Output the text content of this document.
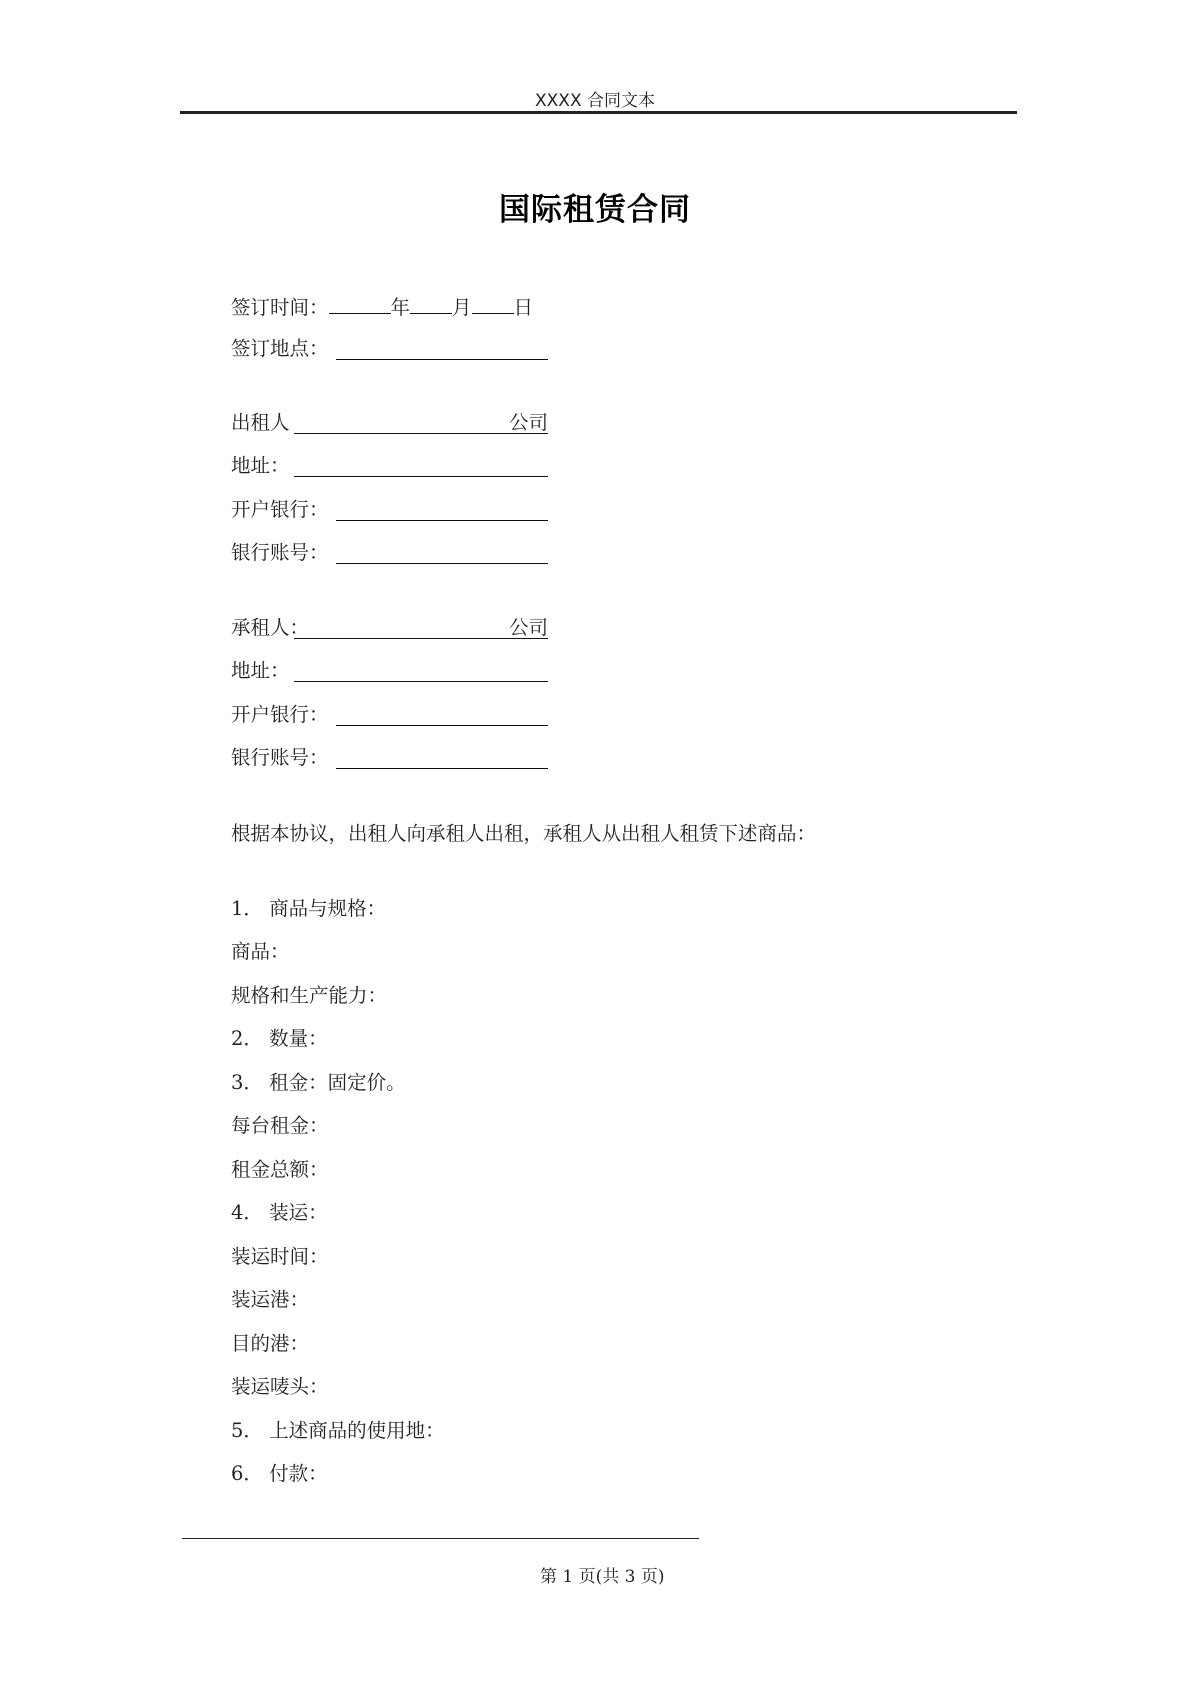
XXXX 合同文本
国际租赁合同
签订时间：	年 月 日
签订地点：
出租人	公司
地址：
开户银行：
银行账号：
承租人：	公司
地址：
开户银行：
银行账号：
根据本协议，出租人向承租人出租，承租人从出租人租赁下述商品：
1． 商品与规格：
商品：
规格和生产能力：
2． 数量：
3． 租金：固定价。
每台租金：
租金总额：
4． 装运：
装运时间：
装运港：
目的港：
装运唛头：
5． 上述商品的使用地：
6． 付款：
第 1 页(共 3 页)
